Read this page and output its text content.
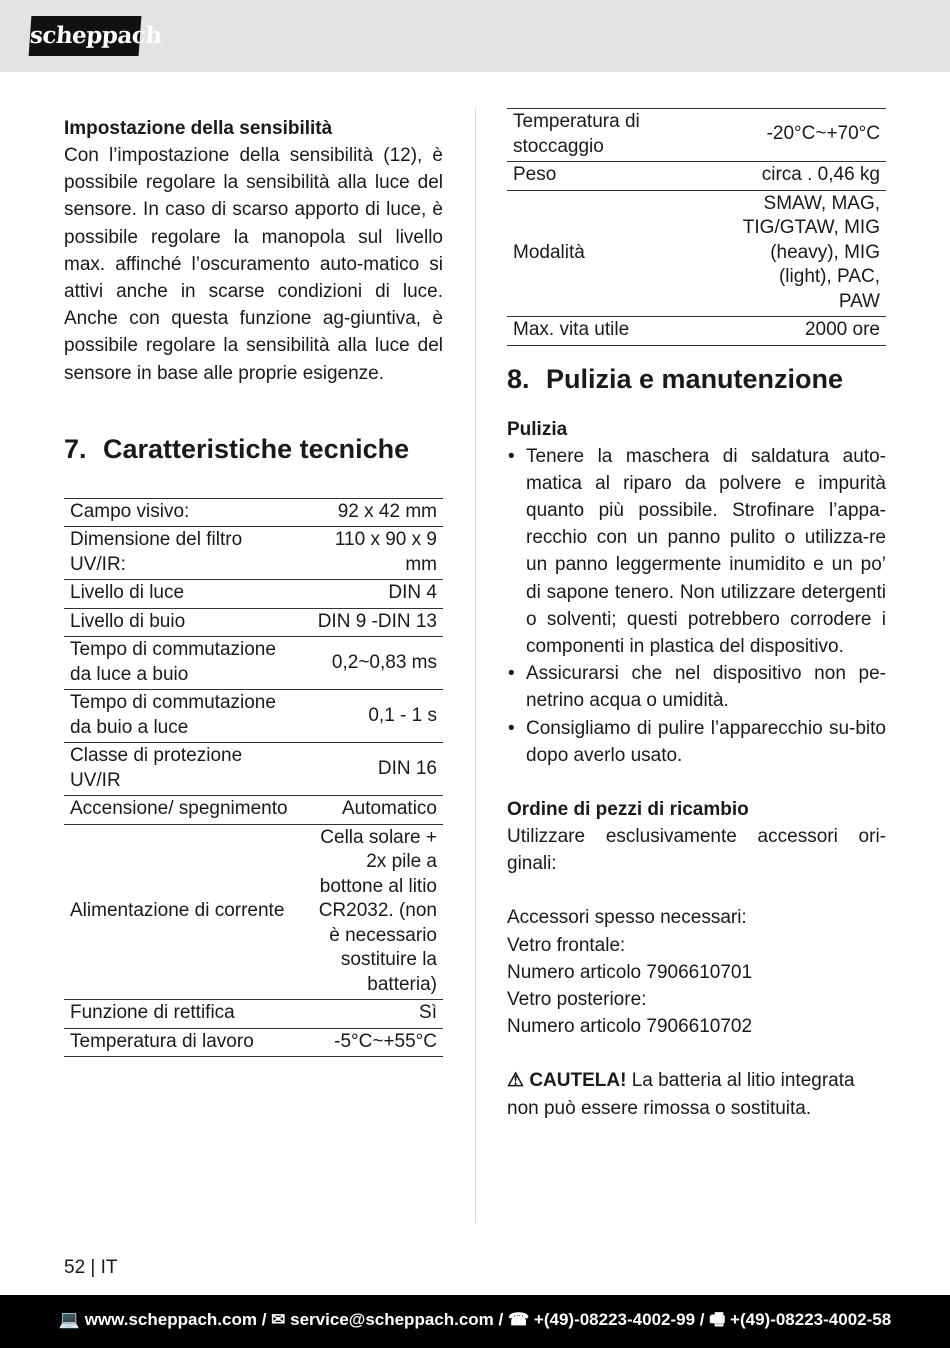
scheppach
Impostazione della sensibilità

Con l’impostazione della sensibilità (12), è possibile regolare la sensibilità alla luce del sensore. In caso di scarso apporto di luce, è possibile regolare la manopola sul livello max. affinché l’oscuramento auto-matico si attivi anche in scarse condizioni di luce. Anche con questa funzione ag-giuntiva, è possibile regolare la sensibilità alla luce del sensore in base alle proprie esigenze.

7. Caratteristiche tecniche
Campo visivo:	92 x 42 mm
Dimensione del filtro UV/IR:	110 x 90 x 9 mm
Livello di luce	DIN 4
Livello di buio	DIN 9 -DIN 13
Tempo di commutazione da luce a buio	0,2~0,83 ms
Tempo di commutazione da buio a luce	0,1 - 1 s
Classe di protezione UV/IR	DIN 16
Accensione/ spegnimento	Automatico
Alimentazione di corrente	Cella solare + 2x pile a bottone al litio CR2032. (non è necessario sostituire la batteria)
Funzione di rettifica	Sì
Temperatura di lavoro	-5°C~+55°C
Temperatura di stoccaggio	-20°C~+70°C
Peso	circa . 0,46 kg
Modalità	SMAW, MAG, TIG/GTAW, MIG (heavy), MIG (light), PAC, PAW
Max. vita utile	2000 ore
8. Pulizia e manutenzione
Pulizia
• Tenere la maschera di saldatura auto-matica al riparo da polvere e impurità quanto più possibile. Strofinare l’appa-recchio con un panno pulito o utilizza-re un panno leggermente inumidito e un po’ di sapone tenero. Non utilizzare detergenti o solventi; questi potrebbero corrodere i componenti in plastica del dispositivo.
• Assicurarsi che nel dispositivo non pe-netrino acqua o umidità.
• Consigliamo di pulire l’apparecchio su-bito dopo averlo usato.
Ordine di pezzi di ricambio

Utilizzare esclusivamente accessori ori-ginali:

Accessori spesso necessari:

Vetro frontale:

Numero articolo 7906610701

Vetro posteriore:

Numero articolo 7906610702

⚠ CAUTELA! La batteria al litio integrata non può essere rimossa o sostituita.

52 | IT
💻 www.scheppach.com / ✉ service@scheppach.com / ☎ +(49)-08223-4002-99 / 🖷 +(49)-08223-4002-58
